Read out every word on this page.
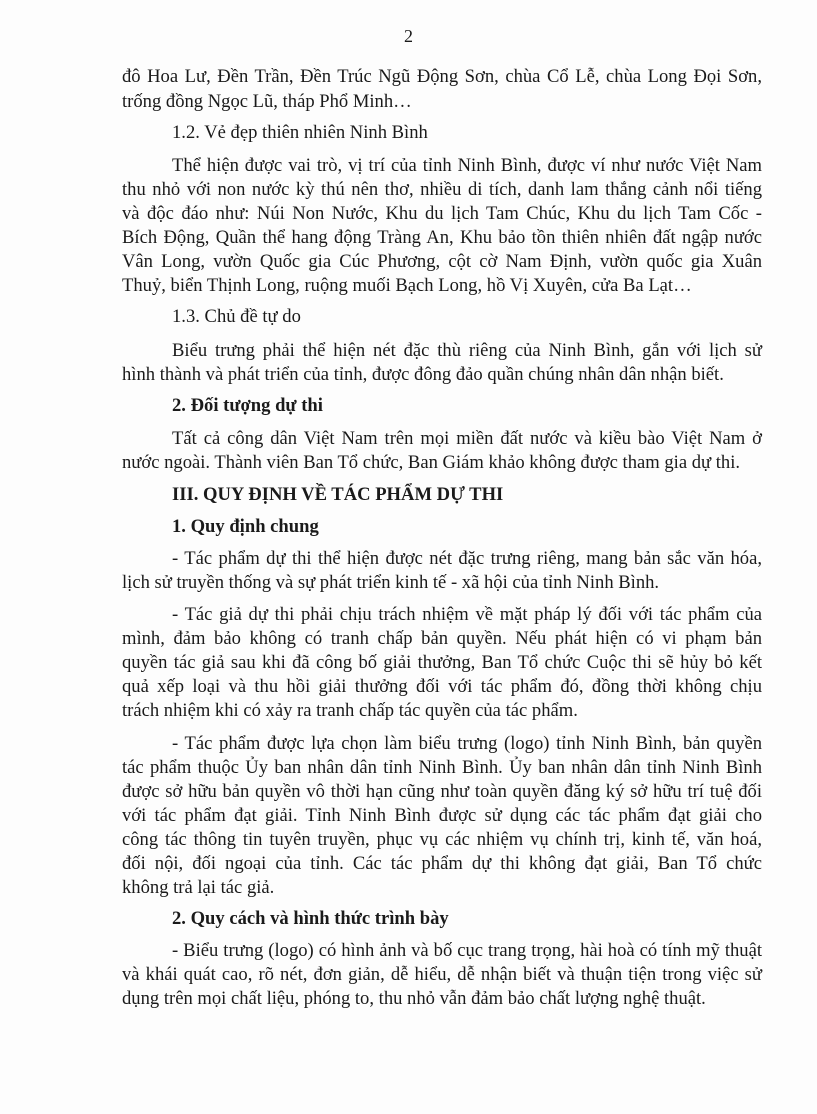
2
đô Hoa Lư, Đền Trần, Đền Trúc Ngũ Động Sơn, chùa Cổ Lễ, chùa Long Đọi Sơn,
trống đồng Ngọc Lũ, tháp Phổ Minh…
1.2. Vẻ đẹp thiên nhiên Ninh Bình
Thể hiện được vai trò, vị trí của tỉnh Ninh Bình, được ví như nước Việt Nam
thu nhỏ với non nước kỳ thú nên thơ, nhiều di tích, danh lam thắng cảnh nổi tiếng
và độc đáo như: Núi Non Nước, Khu du lịch Tam Chúc, Khu du lịch Tam Cốc -
Bích Động, Quần thể hang động Tràng An, Khu bảo tồn thiên nhiên đất ngập nước
Vân Long, vườn Quốc gia Cúc Phương, cột cờ Nam Định, vườn quốc gia Xuân
Thuỷ, biển Thịnh Long, ruộng muối Bạch Long, hồ Vị Xuyên, cửa Ba Lạt…
1.3. Chủ đề tự do
Biểu trưng phải thể hiện nét đặc thù riêng của Ninh Bình, gắn với lịch sử
hình thành và phát triển của tỉnh, được đông đảo quần chúng nhân dân nhận biết.
2. Đối tượng dự thi
Tất cả công dân Việt Nam trên mọi miền đất nước và kiều bào Việt Nam ở
nước ngoài. Thành viên Ban Tổ chức, Ban Giám khảo không được tham gia dự thi.
III. QUY ĐỊNH VỀ TÁC PHẨM DỰ THI
1. Quy định chung
- Tác phẩm dự thi thể hiện được nét đặc trưng riêng, mang bản sắc văn hóa,
lịch sử truyền thống và sự phát triển kinh tế - xã hội của tỉnh Ninh Bình.
- Tác giả dự thi phải chịu trách nhiệm về mặt pháp lý đối với tác phẩm của
mình, đảm bảo không có tranh chấp bản quyền. Nếu phát hiện có vi phạm bản
quyền tác giả sau khi đã công bố giải thưởng, Ban Tổ chức Cuộc thi sẽ hủy bỏ kết
quả xếp loại và thu hồi giải thưởng đối với tác phẩm đó, đồng thời không chịu
trách nhiệm khi có xảy ra tranh chấp tác quyền của tác phẩm.
- Tác phẩm được lựa chọn làm biểu trưng (logo) tỉnh Ninh Bình, bản quyền
tác phẩm thuộc Ủy ban nhân dân tỉnh Ninh Bình. Ủy ban nhân dân tỉnh Ninh Bình
được sở hữu bản quyền vô thời hạn cũng như toàn quyền đăng ký sở hữu trí tuệ đối
với tác phẩm đạt giải. Tỉnh Ninh Bình được sử dụng các tác phẩm đạt giải cho
công tác thông tin tuyên truyền, phục vụ các nhiệm vụ chính trị, kinh tế, văn hoá,
đối nội, đối ngoại của tỉnh. Các tác phẩm dự thi không đạt giải, Ban Tổ chức
không trả lại tác giả.
2. Quy cách và hình thức trình bày
- Biểu trưng (logo) có hình ảnh và bố cục trang trọng, hài hoà có tính mỹ thuật
và khái quát cao, rõ nét, đơn giản, dễ hiểu, dễ nhận biết và thuận tiện trong việc sử
dụng trên mọi chất liệu, phóng to, thu nhỏ vẫn đảm bảo chất lượng nghệ thuật.
